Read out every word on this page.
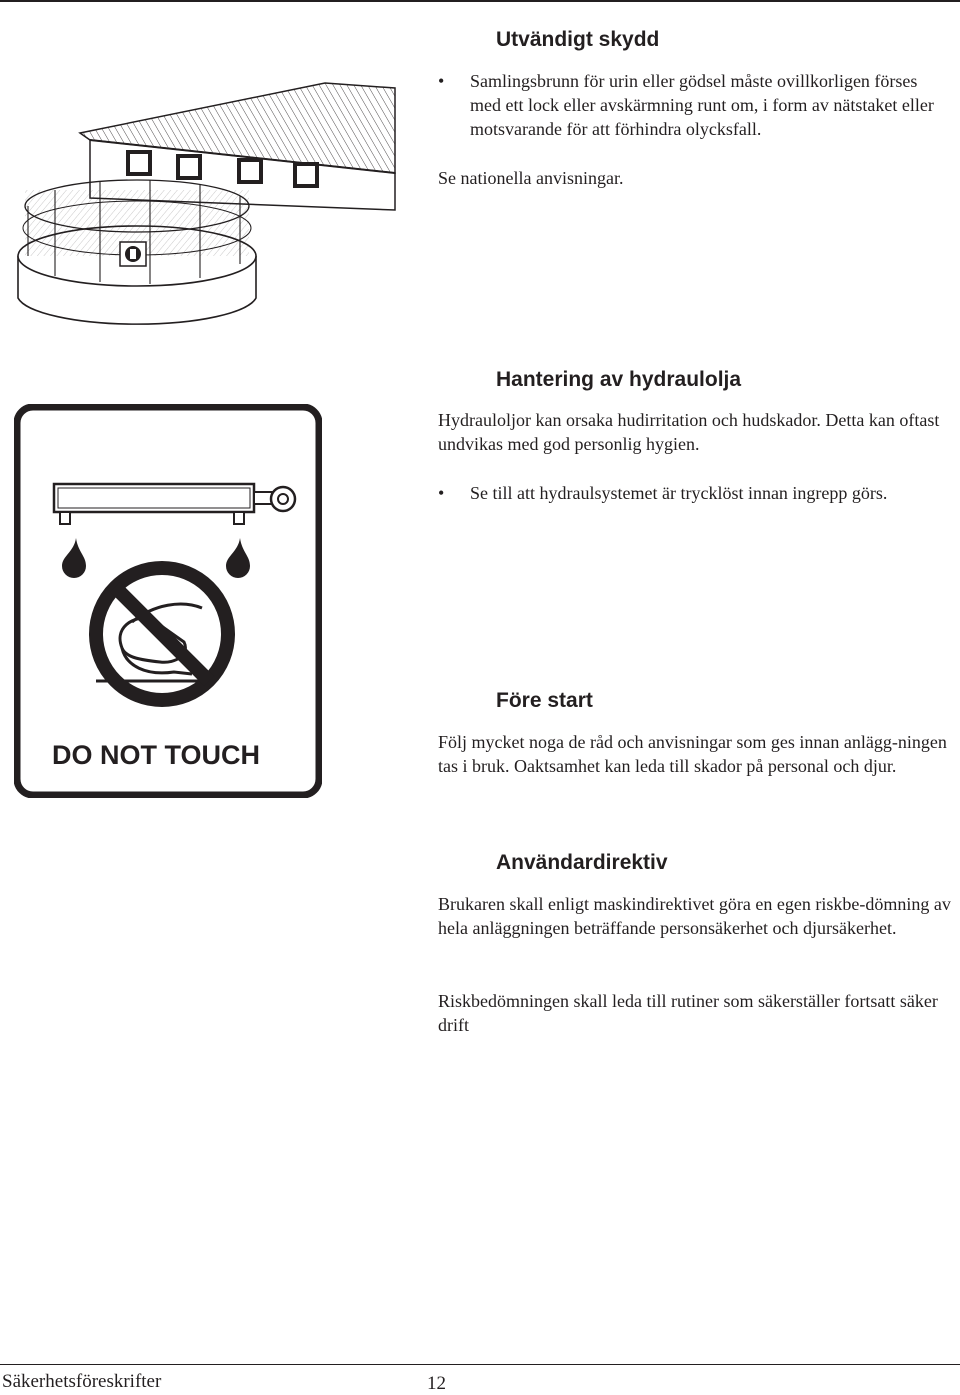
Utvändigt skydd
• Samlingsbrunn för urin eller gödsel måste ovillkorligen förses med ett lock eller avskärmning runt om, i form av nätstaket eller motsvarande för att förhindra olycksfall.

Se nationella anvisningar.

DO NOT TOUCH
Hantering av hydraulolja

Hydrauloljor kan orsaka hudirritation och hudskador. Detta kan oftast undvikas med god personlig hygien.

• Se till att hydraulsystemet är trycklöst innan ingrepp görs.

Före start

Följ mycket noga de råd och anvisningar som ges innan anlägg-ningen tas i bruk. Oaktsamhet kan leda till skador på personal och djur.

Användardirektiv

Brukaren skall enligt maskindirektivet göra en egen riskbe-dömning av hela anläggningen beträffande personsäkerhet och djursäkerhet.

Riskbedömningen skall leda till rutiner som säkerställer fortsatt säker drift

Säkerhetsföreskrifter	12
